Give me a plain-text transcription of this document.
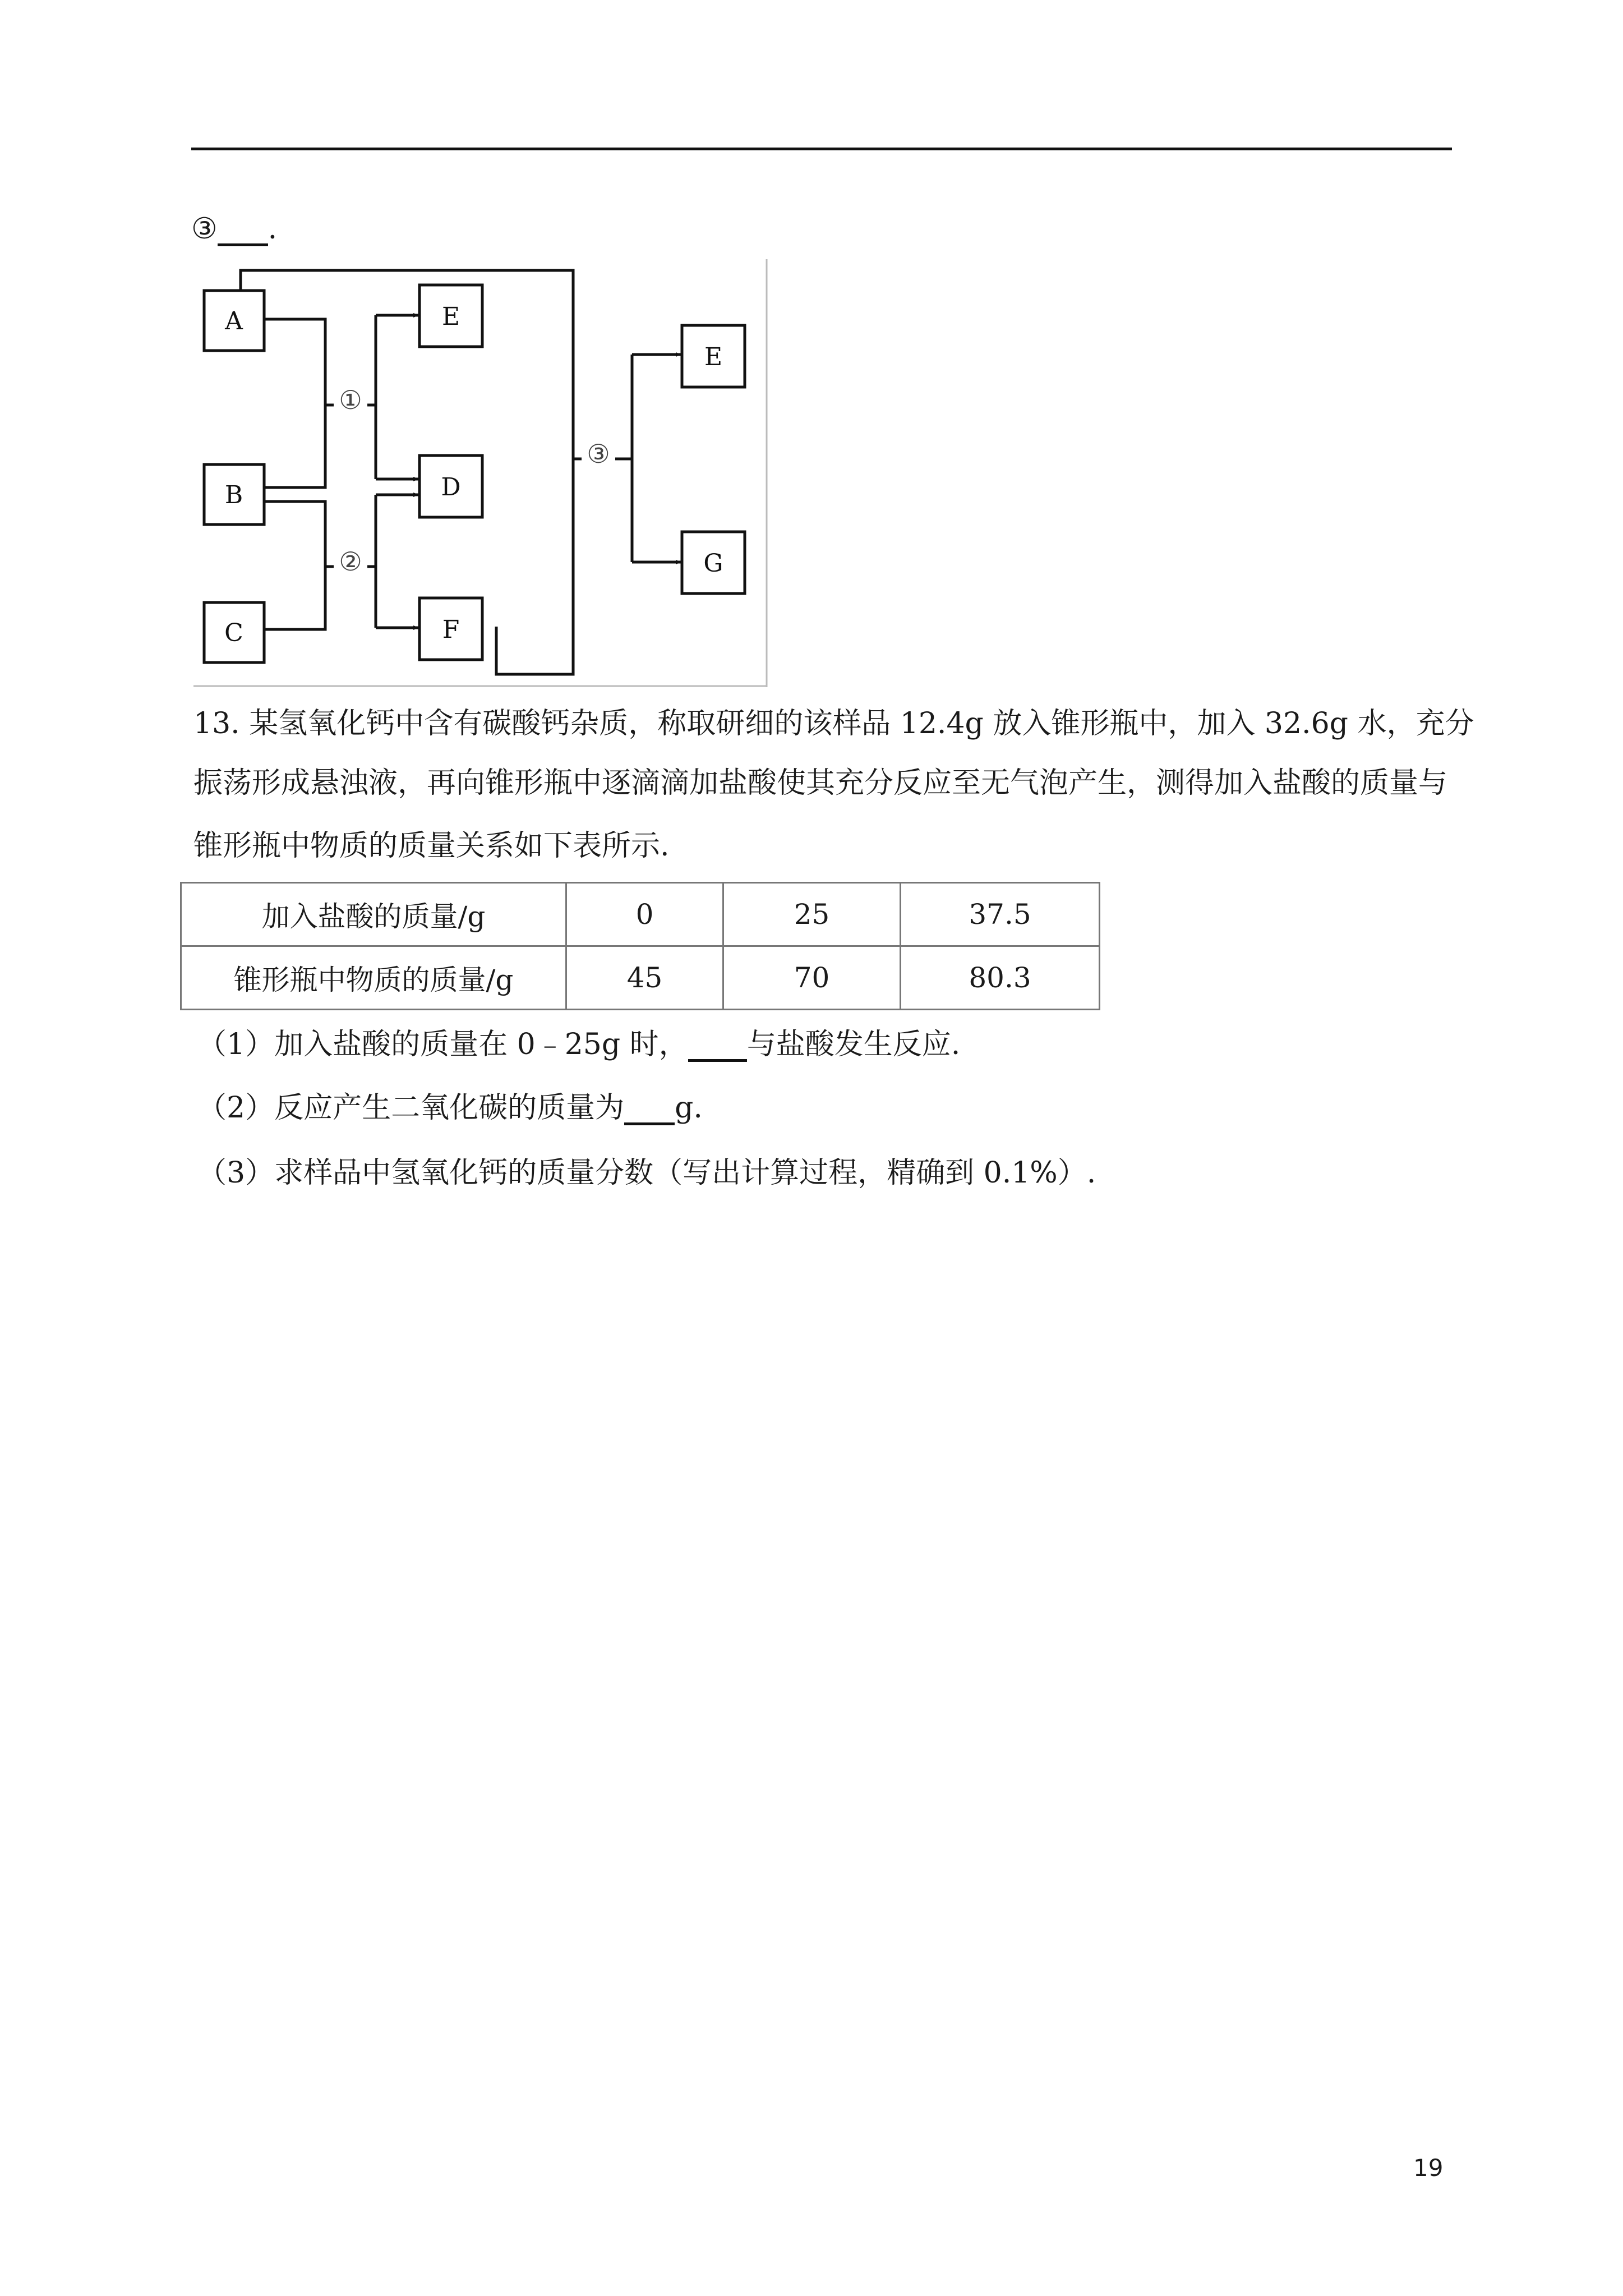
③ .
A
B
C
E
D
F
E
G
①
②
③
13. 某氢氧化钙中含有碳酸钙杂质，称取研细的该样品 12.4g 放入锥形瓶中，加入 32.6g 水，充分
振荡形成悬浊液，再向锥形瓶中逐滴滴加盐酸使其充分反应至无气泡产生，测得加入盐酸的质量与
锥形瓶中物质的质量关系如下表所示.
加入盐酸的质量/g	0	25	37.5
锥形瓶中物质的质量/g	45	70	80.3
（1）加入盐酸的质量在 0﹣25g 时， 与盐酸发生反应.
（2）反应产生二氧化碳的质量为 g.
（3）求样品中氢氧化钙的质量分数（写出计算过程，精确到 0.1%）.
19
